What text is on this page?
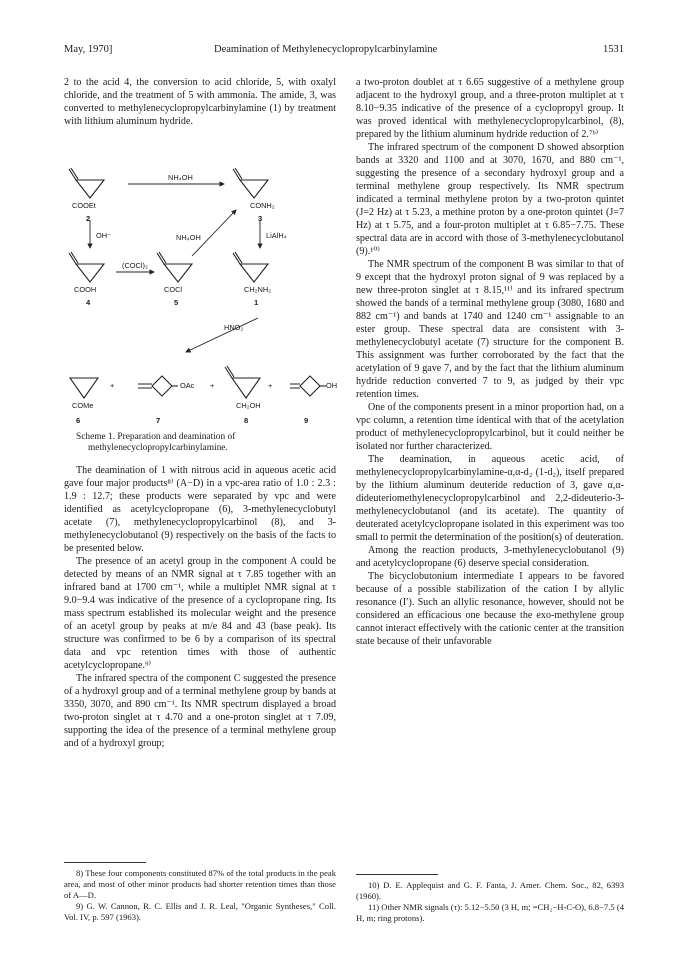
May, 1970]	Deamination of Methylenecyclopropylcarbinylamine	1531

2 to the acid 4, the conversion to acid chloride, 5, with oxalyl chloride, and the treatment of 5 with ammonia. The amide, 3, was converted to methylenecyclopropylcarbinylamine (1) by treatment with lithium aluminum hydride.

COOEt
2
NH₄OH
CONH₂
3
OH⁻	NH₄OH	LiAlH₄
(COCl)₂
COOH
4
COCl
5
CH₂NH₂
1
HNO₂
COMe
+	OAc +
CH₂OH
+	OH
6	7	8	9
Scheme 1. Preparation and deamination of
methylenecyclopropylcarbinylamine.

The deamination of 1 with nitrous acid in aqueous acetic acid gave four major products⁸⁾ (A−D) in a vpc-area ratio of 1.0 : 2.3 : 1.9 : 12.7; these products were separated by vpc and were identified as acetylcyclopropane (6), 3-methylenecyclobutyl acetate (7), methylenecyclopropylcarbinol (8), and 3-methylenecyclobutanol (9) respectively on the basis of the facts to be presented below.

The presence of an acetyl group in the component A could be detected by means of an NMR signal at τ 7.85 together with an infrared band at 1700 cm⁻¹, while a multiplet NMR signal at τ 9.0−9.4 was indicative of the presence of a cyclopropane ring. Its mass spectrum established its molecular weight and the presence of an acetyl group by peaks at m/e 84 and 43 (base peak). Its structure was confirmed to be 6 by a comparison of its spectral data and vpc retention times with those of authentic acetylcyclopropane.⁹⁾

The infrared spectra of the component C suggested the presence of a hydroxyl group and of a terminal methylene group by bands at 3350, 3070, and 890 cm⁻¹. Its NMR spectrum displayed a broad two-proton singlet at τ 4.70 and a one-proton singlet at τ 7.09, supporting the idea of the presence of a terminal methylene group and of a hydroxyl group;

a two-proton doublet at τ 6.65 suggestive of a methylene group adjacent to the hydroxyl group, and a three-proton multiplet at τ 8.10−9.35 indicative of the presence of a cyclopropyl group. It was proved identical with methylenecyclopropylcarbinol, (8), prepared by the lithium aluminum hydride reduction of 2.⁷ᵇ⁾

The infrared spectrum of the component D showed absorption bands at 3320 and 1100 and at 3070, 1670, and 880 cm⁻¹, suggesting the presence of a secondary hydroxyl group and a terminal methylene group respectively. Its NMR spectrum indicated a terminal methylene proton by a two-proton quintet (J=2 Hz) at τ 5.23, a methine proton by a one-proton quintet (J=7 Hz) at τ 5.75, and a four-proton multiplet at τ 6.85−7.75. These spectral data are in accord with those of 3-methylenecyclobutanol (9).¹⁰⁾

The NMR spectrum of the component B was similar to that of 9 except that the hydroxyl proton signal of 9 was replaced by a new three-proton singlet at τ 8.15,¹¹⁾ and its infrared spectrum showed the bands of a terminal methylene group (3080, 1680 and 882 cm⁻¹) and bands at 1740 and 1240 cm⁻¹ assignable to an ester group. These spectral data are consistent with 3-methylenecyclobutyl acetate (7) structure for the component B. This assignment was further corroborated by the fact that the acetylation of 9 gave 7, and by the fact that the lithium aluminum hydride reduction converted 7 to 9, as judged by their vpc retention times.

One of the components present in a minor proportion had, on a vpc column, a retention time identical with that of the acetylation product of methylenecyclopropylcarbinol, but it could neither be isolated nor further characterized.

The deamination, in aqueous acetic acid, of methylenecyclopropylcarbinylamine-α,α-d₂ (1-d₂), itself prepared by the lithium aluminum deuteride reduction of 3, gave α,α-dideuteriomethylenecyclopropylcarbinol and 2,2-dideuterio-3-methylenecyclobutanol (and its acetate). The quantity of deuterated acetylcyclopropane isolated in this experiment was too small to permit the determination of the position(s) of deuteration.

Among the reaction products, 3-methylenecyclobutanol (9) and acetylcyclopropane (6) deserve special consideration.

The bicyclobutonium intermediate I appears to be favored because of a possible stabilization of the cation I by allylic resonance (I′). Such an allylic resonance, however, should not be considered an efficacious one because the exo-methylene group cannot interact effectively with the cationic center at the transition state because of their unfavorable

8) These four components constituted 87% of the total products in the peak area, and most of other minor products had shorter retention times than those of A—D.

9) G. W. Cannon, R. C. Ellis and J. R. Leal, "Organic Syntheses," Coll. Vol. IV, p. 597 (1963).

10) D. E. Applequist and G. F. Fanta, J. Amer. Chem. Soc., 82, 6393 (1960).

11) Other NMR signals (τ): 5.12−5.50 (3 H, m; =CH₂−H-C-O), 6.8−7.5 (4 H, m; ring protons).
